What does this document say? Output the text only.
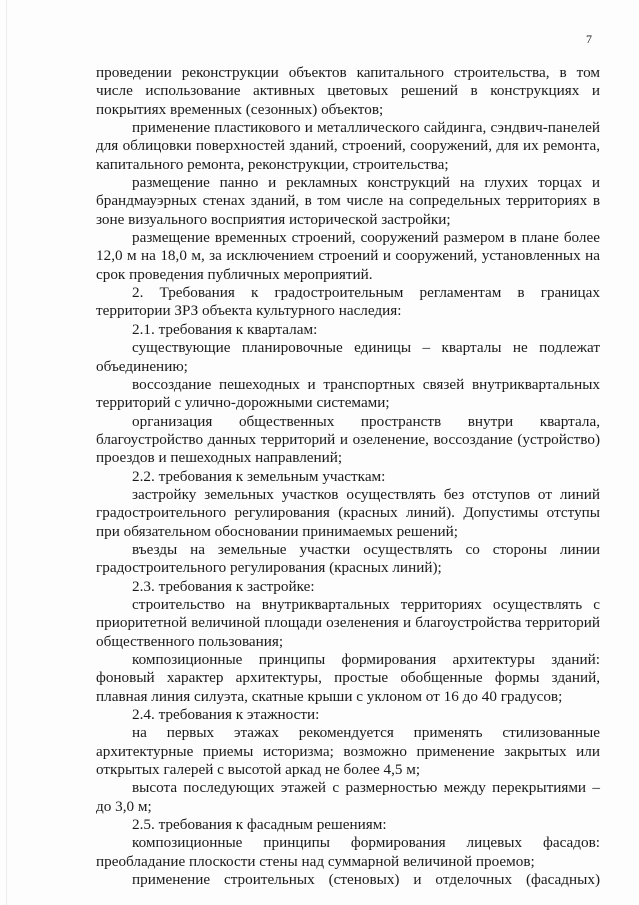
7

проведении реконструкции объектов капитального строительства, в том числе использование активных цветовых решений в конструкциях и покрытиях временных (сезонных) объектов;

применение пластикового и металлического сайдинга, сэндвич-панелей для облицовки поверхностей зданий, строений, сооружений, для их ремонта, капитального ремонта, реконструкции, строительства;

размещение панно и рекламных конструкций на глухих торцах и брандмауэрных стенах зданий, в том числе на сопредельных территориях в зоне визуального восприятия исторической застройки;

размещение временных строений, сооружений размером в плане более 12,0 м на 18,0 м, за исключением строений и сооружений, установленных на срок проведения публичных мероприятий.

2. Требования к градостроительным регламентам в границах территории ЗРЗ объекта культурного наследия:

2.1. требования к кварталам:

существующие планировочные единицы – кварталы не подлежат объединению;

воссоздание пешеходных и транспортных связей внутриквартальных территорий с улично-дорожными системами;

организация общественных пространств внутри квартала, благоустройство данных территорий и озеленение, воссоздание (устройство) проездов и пешеходных направлений;

2.2. требования к земельным участкам:

застройку земельных участков осуществлять без отступов от линий градостроительного регулирования (красных линий). Допустимы отступы при обязательном обосновании принимаемых решений;

въезды на земельные участки осуществлять со стороны линии градостроительного регулирования (красных линий);

2.3. требования к застройке:

строительство на внутриквартальных территориях осуществлять с приоритетной величиной площади озеленения и благоустройства территорий общественного пользования;

композиционные принципы формирования архитектуры зданий: фоновый характер архитектуры, простые обобщенные формы зданий, плавная линия силуэта, скатные крыши с уклоном от 16 до 40 градусов;

2.4. требования к этажности:

на первых этажах рекомендуется применять стилизованные архитектурные приемы историзма; возможно применение закрытых или открытых галерей с высотой аркад не более 4,5 м;

высота последующих этажей с размерностью между перекрытиями – до 3,0 м;

2.5. требования к фасадным решениям:

композиционные принципы формирования лицевых фасадов: преобладание плоскости стены над суммарной величиной проемов;

применение строительных (стеновых) и отделочных (фасадных)
